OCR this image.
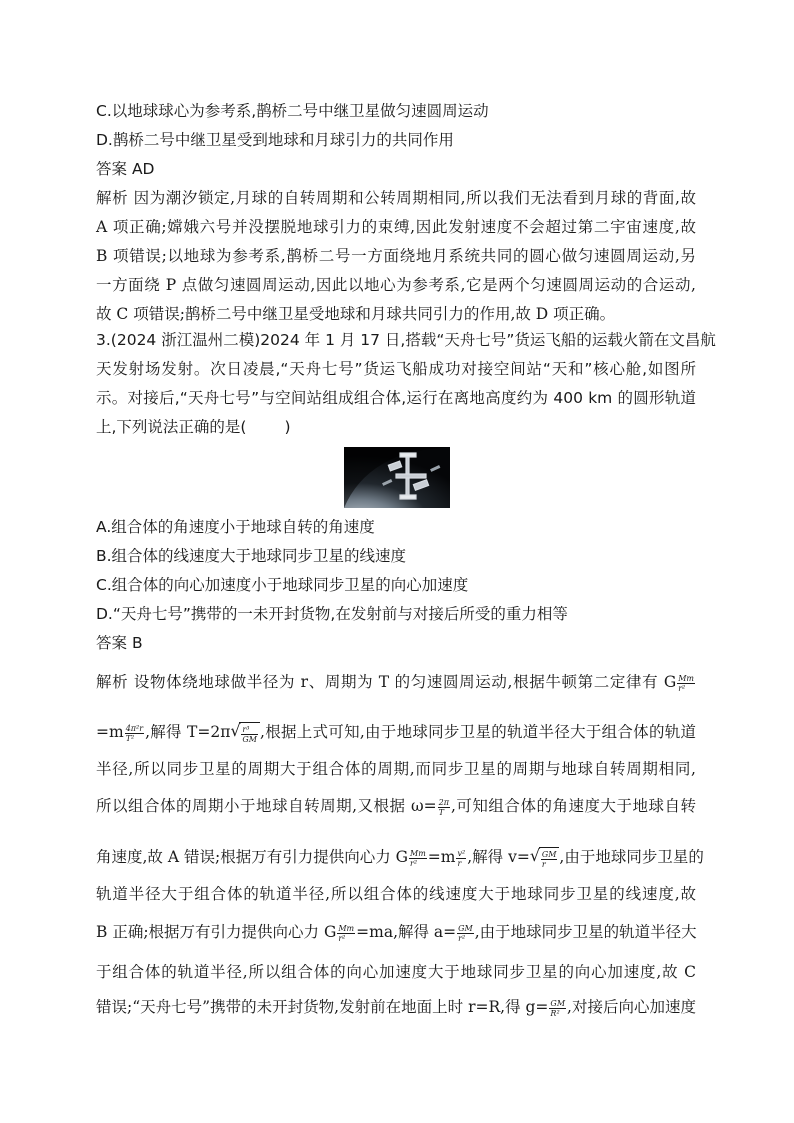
C.以地球球心为参考系,鹊桥二号中继卫星做匀速圆周运动
D.鹊桥二号中继卫星受到地球和月球引力的共同作用
答案 AD
解析 因为潮汐锁定,月球的自转周期和公转周期相同,所以我们无法看到月球的背面,故
A 项正确;嫦娥六号并没摆脱地球引力的束缚,因此发射速度不会超过第二宇宙速度,故
B 项错误;以地球为参考系,鹊桥二号一方面绕地月系统共同的圆心做匀速圆周运动,另
一方面绕 P 点做匀速圆周运动,因此以地心为参考系,它是两个匀速圆周运动的合运动,
故 C 项错误;鹊桥二号中继卫星受地球和月球共同引力的作用,故 D 项正确。
3.(2024 浙江温州二模)2024 年 1 月 17 日,搭载“天舟七号”货运飞船的运载火箭在文昌航
天发射场发射。次日凌晨,“天舟七号”货运飞船成功对接空间站“天和”核心舱,如图所
示。对接后,“天舟七号”与空间站组成组合体,运行在离地高度约为 400 km 的圆形轨道
上,下列说法正确的是( )
A.组合体的角速度小于地球自转的角速度
B.组合体的线速度大于地球同步卫星的线速度
C.组合体的向心加速度小于地球同步卫星的向心加速度
D.“天舟七号”携带的一未开封货物,在发射前与对接后所受的重力相等
答案 B
解析 设物体绕地球做半径为 r、周期为 T 的匀速圆周运动,根据牛顿第二定律有 G $\frac{Mm}{\text{r²}}$
$=m \frac{\text{4π²r}}{\text{T²}}$ ,解得 T=2π √ $\frac{\text{r³}}{GM}$ ,根据上式可知,由于地球同步卫星的轨道半径大于组合体的轨道
半径,所以同步卫星的周期大于组合体的周期,而同步卫星的周期与地球自转周期相同,
所以组合体的周期小于地球自转周期,又根据 $\omega= \frac{2\pi}{T}$ ,可知组合体的角速度大于地球自转
角速度,故 A 错误;根据万有引力提供向心力 G $\frac{Mm}{\text{r²}} =m \frac{\text{v²}}{r}$ ,解得 v= √ $\frac{GM}{r}$ ,由于地球同步卫星的
轨道半径大于组合体的轨道半径,所以组合体的线速度大于地球同步卫星的线速度,故
B 正确;根据万有引力提供向心力 G $\frac{Mm}{\text{r²}} =ma$,解得 $a= \frac{GM}{\text{r²}}$ ,由于地球同步卫星的轨道半径大
于组合体的轨道半径,所以组合体的向心加速度大于地球同步卫星的向心加速度,故 C
错误;“天舟七号”携带的未开封货物,发射前在地面上时 r=R,得 $g= \frac{GM}{\text{R²}}$ ,对接后向心加速度
